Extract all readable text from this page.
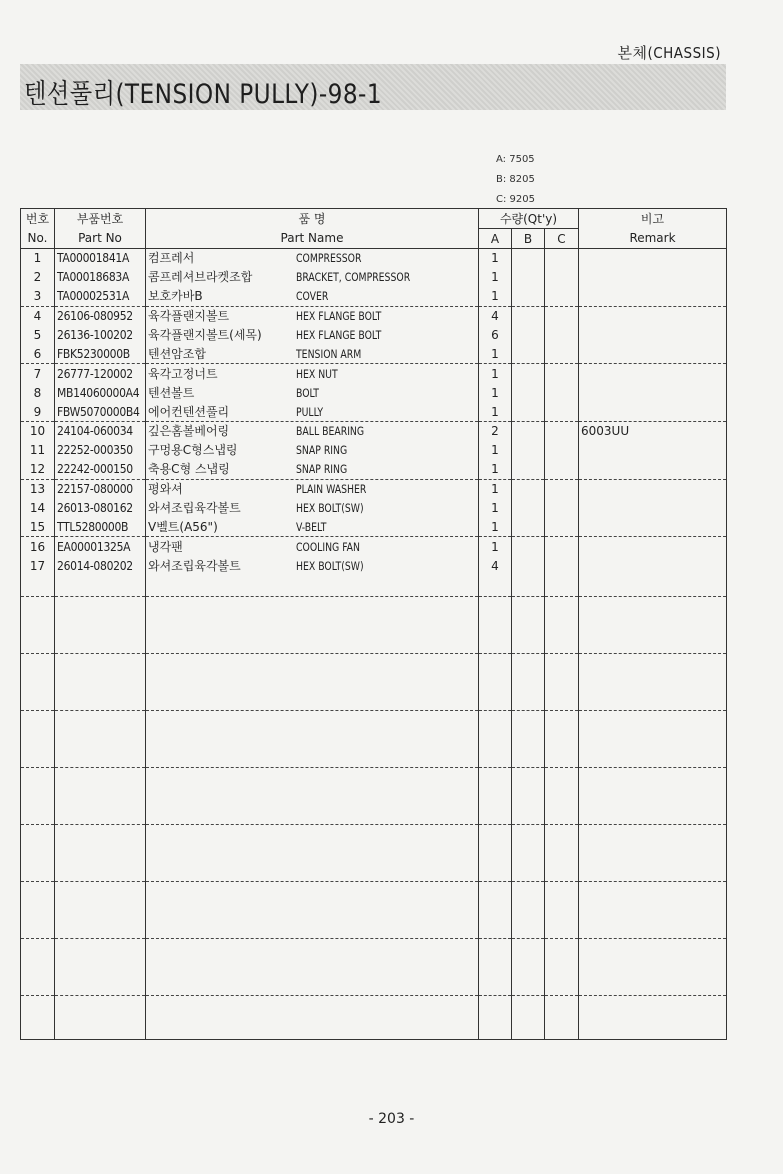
본체(CHASSIS)
텐션풀리(TENSION PULLY)-98-1
A: 7505
B: 8205
C: 9205
번호	부품번호	품 명	수량(Qt'y)			비고
No.	Part No	Part Name	A	B	C	Remark
1	TA00001841A	컴프레서 COMPRESSOR	1			
2	TA00018683A	콤프레셔브라켓조합 BRACKET, COMPRESSOR	1			
3	TA00002531A	보호카바B COVER	1			
4	26106-080952	육각플랜지볼트 HEX FLANGE BOLT	4			
5	26136-100202	육각플랜지볼트(세목) HEX FLANGE BOLT	6			
6	FBK5230000B	텐션암조합 TENSION ARM	1			
7	26777-120002	육각고정너트 HEX NUT	1			
8	MB14060000A4	텐션볼트 BOLT	1			
9	FBW5070000B4	에어컨텐션풀리 PULLY	1			
10	24104-060034	깊은홈볼베어링 BALL BEARING	2			6003UU
11	22252-000350	구멍용C형스냅링 SNAP RING	1			
12	22242-000150	축용C형 스냅링 SNAP RING	1			
13	22157-080000	평와셔 PLAIN WASHER	1			
14	26013-080162	와셔조립육각볼트 HEX BOLT(SW)	1			
15	TTL5280000B	V벨트(A56") V-BELT	1			
16	EA00001325A	냉각팬 COOLING FAN	1			
17	26014-080202	와셔조립육각볼트 HEX BOLT(SW)	4			

- 203 -
